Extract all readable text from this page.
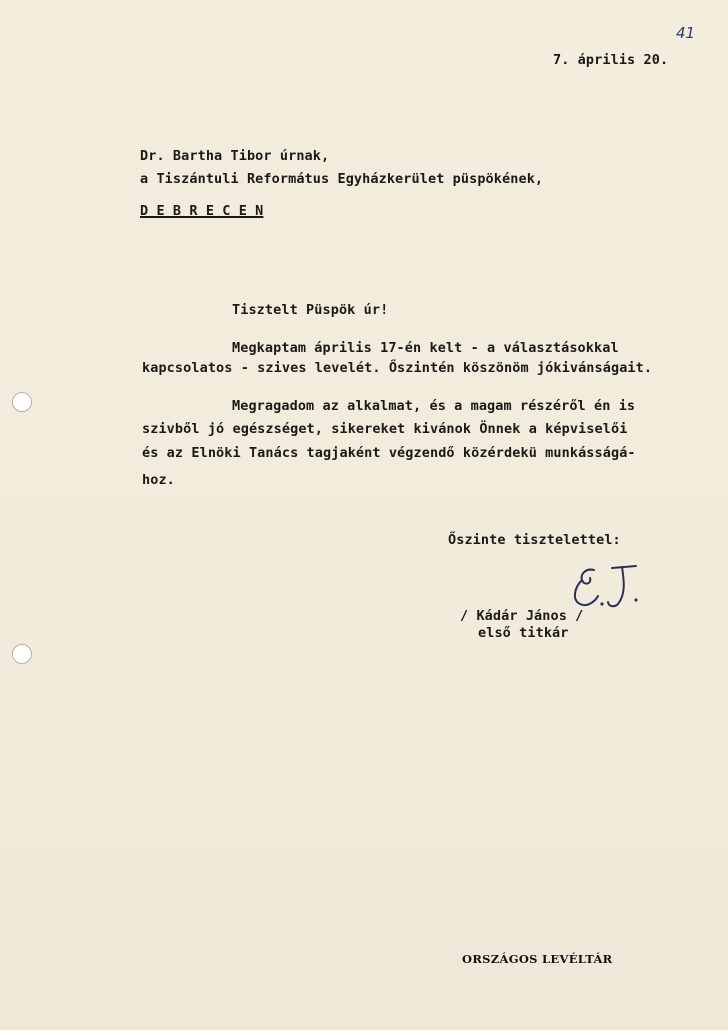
41
7. április 20.
Dr. Bartha Tibor úrnak,
a Tiszántuli Református Egyházkerület püspökének,
D E B R E C E N
Tisztelt Püspök úr!
Megkaptam április 17-én kelt - a választásokkal
kapcsolatos - szives levelét. Őszintén köszönöm jókivánságait.
Megragadom az alkalmat, és a magam részéről én is
szivből jó egészséget, sikereket kivánok Önnek a képviselői
és az Elnöki Tanács tagjaként végzendő közérdekü munkásságá-
hoz.
Őszinte tisztelettel:
/ Kádár János /
első titkár
ORSZÁGOS LEVÉLTÁR
